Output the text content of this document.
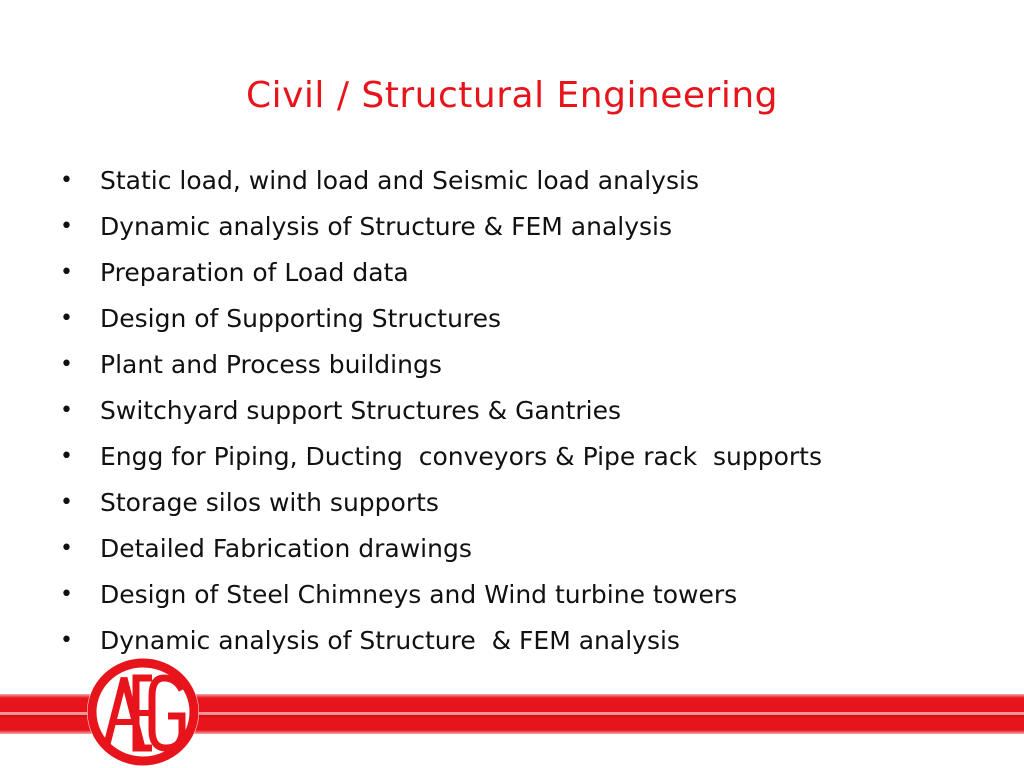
Civil / Structural Engineering
• Static load, wind load and Seismic load analysis
• Dynamic analysis of Structure & FEM analysis
• Preparation of Load data
• Design of Supporting Structures
• Plant and Process buildings
• Switchyard support Structures & Gantries
• Engg for Piping, Ducting  conveyors & Pipe rack  supports
• Storage silos with supports
• Detailed Fabrication drawings
• Design of Steel Chimneys and Wind turbine towers
• Dynamic analysis of Structure  & FEM analysis
